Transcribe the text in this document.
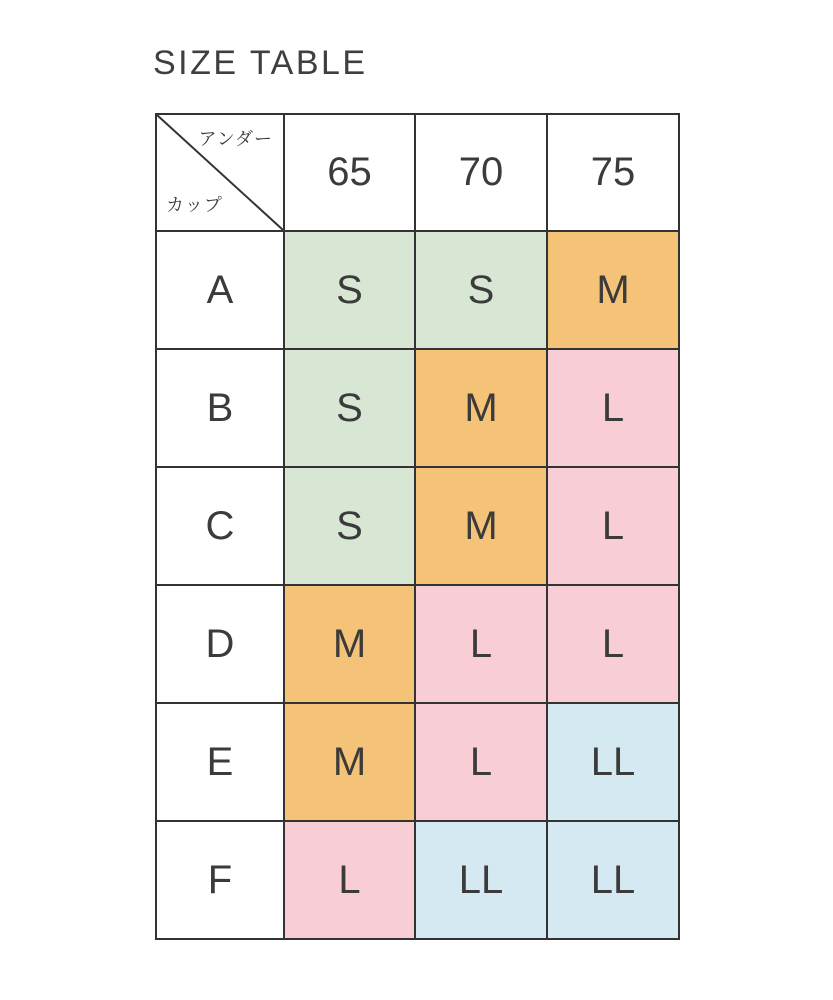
SIZE TABLE
アンダー
カップ	65	70	75
A	S	S	M
B	S	M	L
C	S	M	L
D	M	L	L
E	M	L	LL
F	L	LL	LL
